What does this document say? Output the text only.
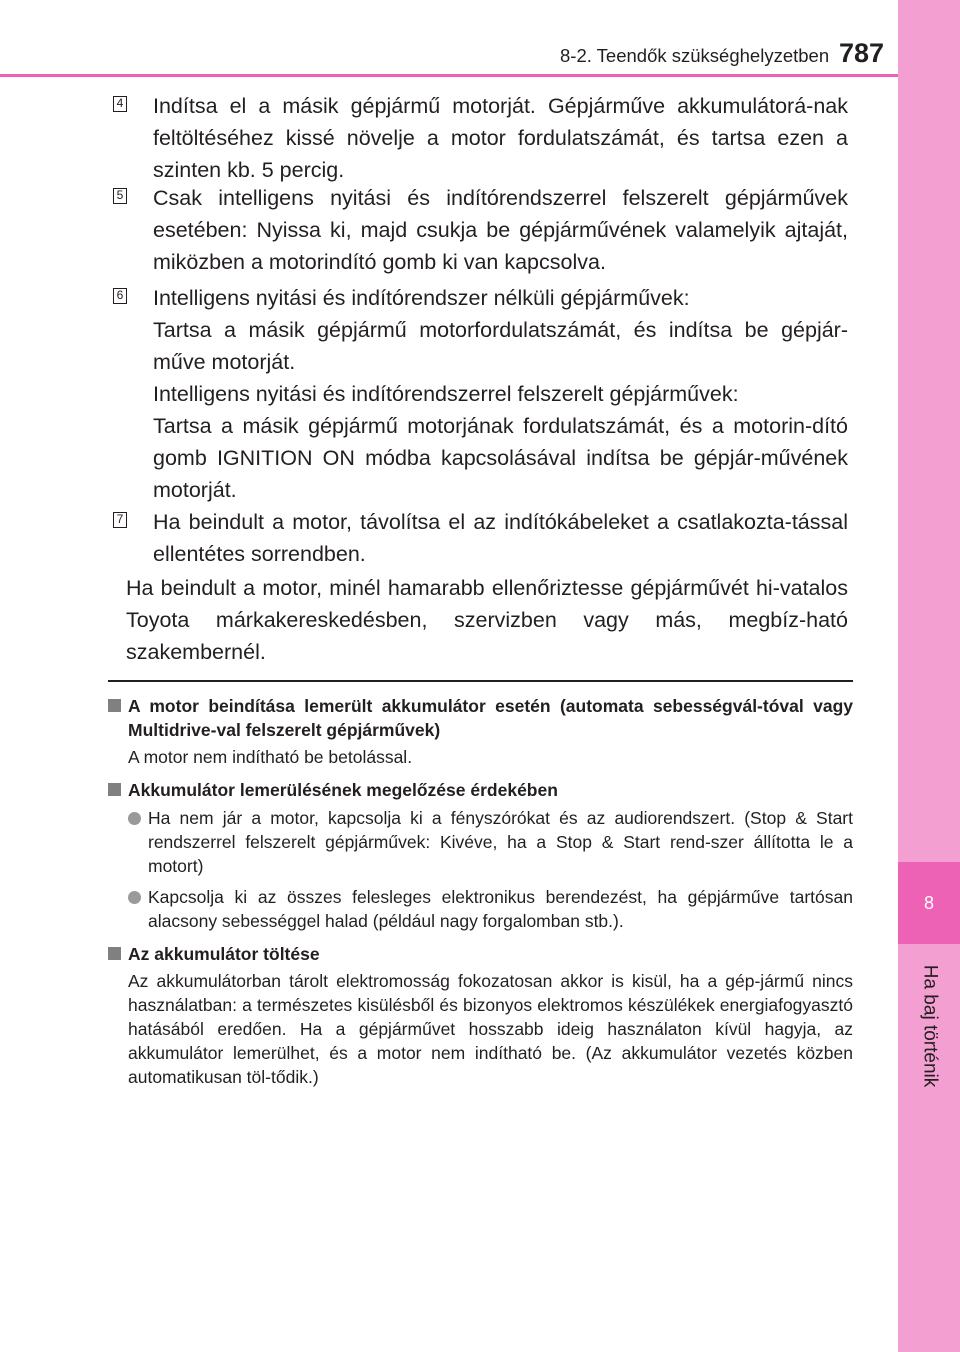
8
Ha baj történik
8-2. Teendők szükséghelyzetben 787
4 Indítsa el a másik gépjármű motorját. Gépjárműve akkumulátorá-nak feltöltéséhez kissé növelje a motor fordulatszámát, és tartsa ezen a szinten kb. 5 percig.

5 Csak intelligens nyitási és indítórendszerrel felszerelt gépjárművek esetében: Nyissa ki, majd csukja be gépjárművének valamelyik ajtaját, miközben a motorindító gomb ki van kapcsolva.

6 Intelligens nyitási és indítórendszer nélküli gépjárművek:

Tartsa a másik gépjármű motorfordulatszámát, és indítsa be gépjár-műve motorját.

Intelligens nyitási és indítórendszerrel felszerelt gépjárművek:

Tartsa a másik gépjármű motorjának fordulatszámát, és a motorin-dító gomb IGNITION ON módba kapcsolásával indítsa be gépjár-művének motorját.

7 Ha beindult a motor, távolítsa el az indítókábeleket a csatlakozta-tással ellentétes sorrendben.

Ha beindult a motor, minél hamarabb ellenőriztesse gépjárművét hi-vatalos Toyota márkakereskedésben, szervizben vagy más, megbíz-ható szakembernél.

A motor beindítása lemerült akkumulátor esetén (automata sebességvál-tóval vagy Multidrive-val felszerelt gépjárművek)

A motor nem indítható be betolással.

Akkumulátor lemerülésének megelőzése érdekében

Ha nem jár a motor, kapcsolja ki a fényszórókat és az audiorendszert. (Stop & Start rendszerrel felszerelt gépjárművek: Kivéve, ha a Stop & Start rend-szer állította le a motort)

Kapcsolja ki az összes felesleges elektronikus berendezést, ha gépjárműve tartósan alacsony sebességgel halad (például nagy forgalomban stb.).

Az akkumulátor töltése

Az akkumulátorban tárolt elektromosság fokozatosan akkor is kisül, ha a gép-jármű nincs használatban: a természetes kisülésből és bizonyos elektromos készülékek energiafogyasztó hatásából eredően. Ha a gépjárművet hosszabb ideig használaton kívül hagyja, az akkumulátor lemerülhet, és a motor nem indítható be. (Az akkumulátor vezetés közben automatikusan töl-tődik.)
